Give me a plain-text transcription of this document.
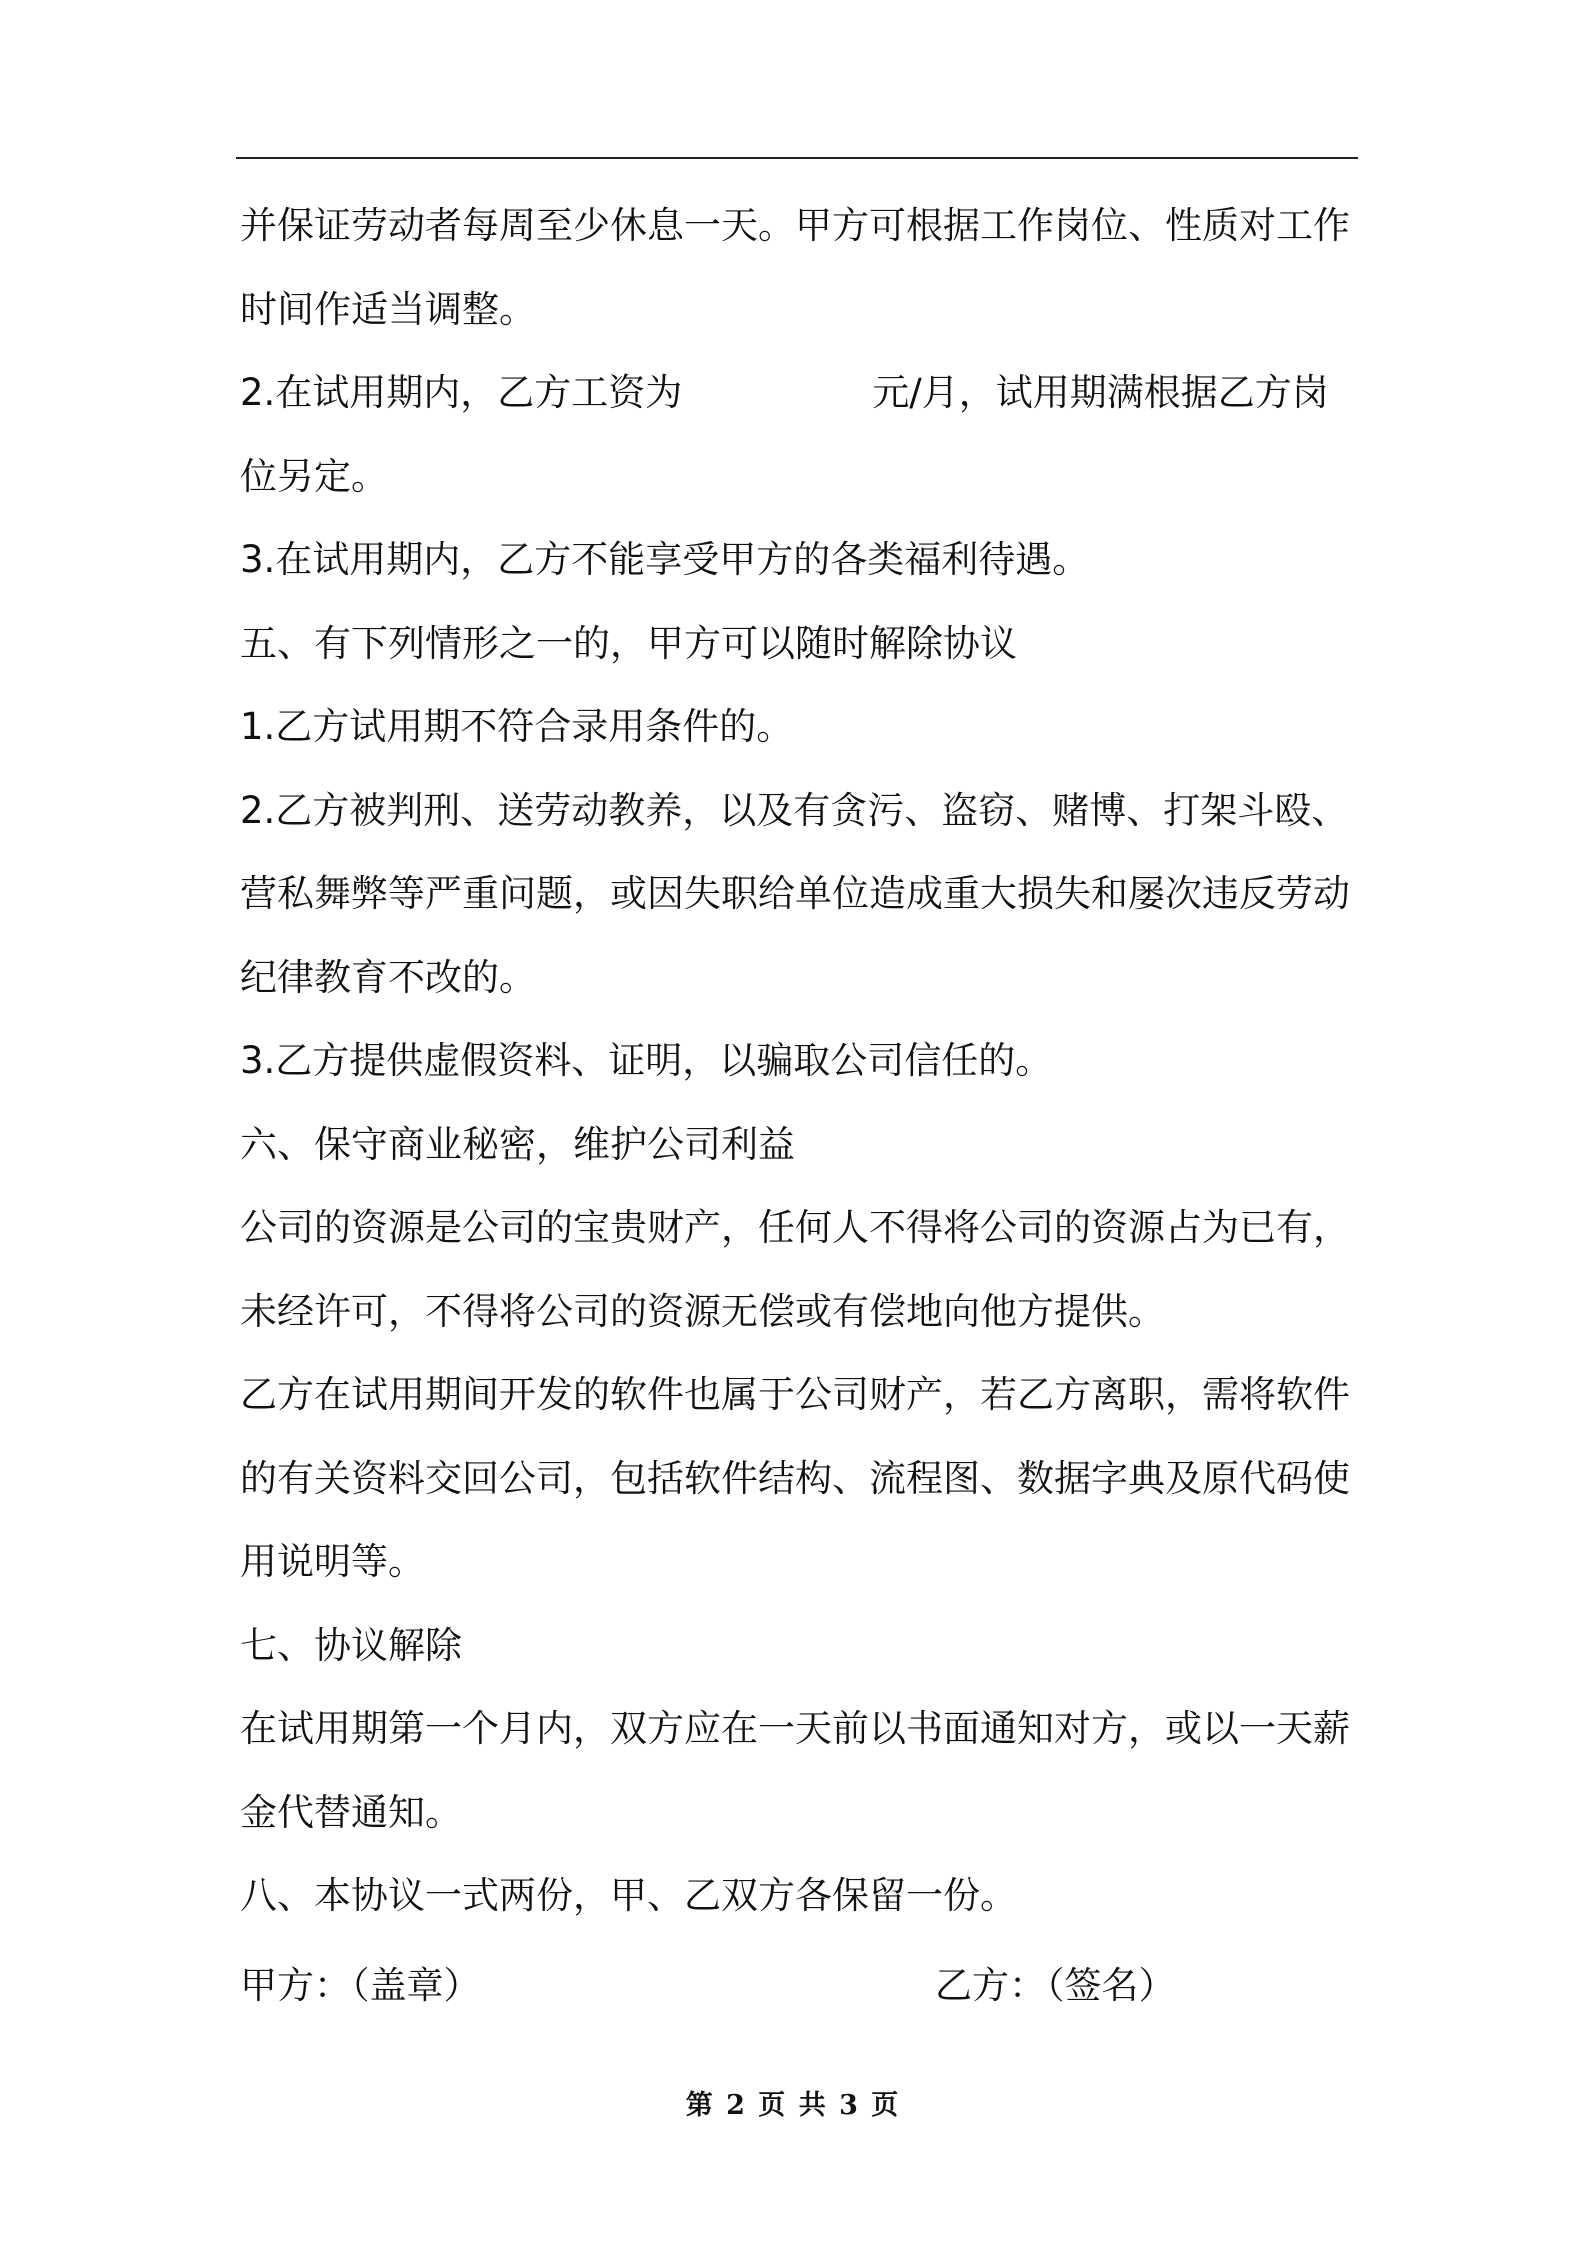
并保证劳动者每周至少休息一天。甲方可根据工作岗位、性质对工作
时间作适当调整。
2.在试用期内，乙方工资为	元/月，试用期满根据乙方岗
位另定。
3.在试用期内，乙方不能享受甲方的各类福利待遇。
五、有下列情形之一的，甲方可以随时解除协议
1.乙方试用期不符合录用条件的。
2.乙方被判刑、送劳动教养，以及有贪污、盗窃、赌博、打架斗殴、
营私舞弊等严重问题，或因失职给单位造成重大损失和屡次违反劳动
纪律教育不改的。
3.乙方提供虚假资料、证明，以骗取公司信任的。
六、保守商业秘密，维护公司利益
公司的资源是公司的宝贵财产，任何人不得将公司的资源占为已有，
未经许可，不得将公司的资源无偿或有偿地向他方提供。
乙方在试用期间开发的软件也属于公司财产，若乙方离职，需将软件
的有关资料交回公司，包括软件结构、流程图、数据字典及原代码使
用说明等。
七、协议解除
在试用期第一个月内，双方应在一天前以书面通知对方，或以一天薪
金代替通知。
八、本协议一式两份，甲、乙双方各保留一份。
甲方：（盖章）	乙方：（签名）
第 2 页 共 3 页
